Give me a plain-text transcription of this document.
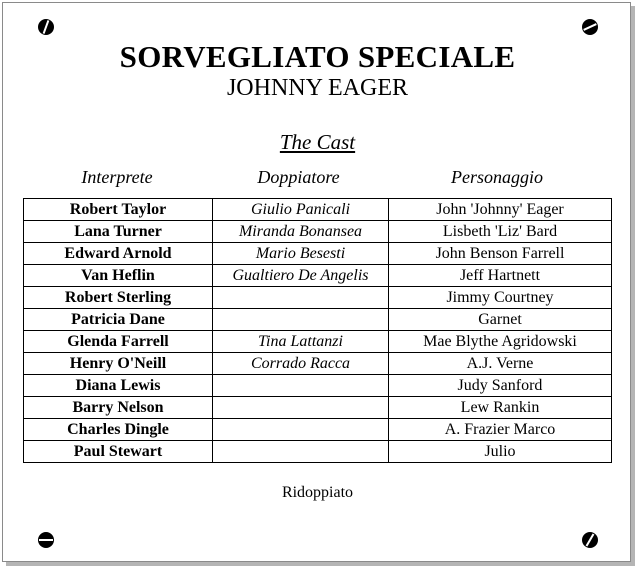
SORVEGLIATO SPECIALE
JOHNNY EAGER
The Cast
Interprete	Doppiatore	Personaggio
Robert Taylor	Giulio Panicali	John 'Johnny' Eager
Lana Turner	Miranda Bonansea	Lisbeth 'Liz' Bard
Edward Arnold	Mario Besesti	John Benson Farrell
Van Heflin	Gualtiero De Angelis	Jeff Hartnett
Robert Sterling		Jimmy Courtney
Patricia Dane		Garnet
Glenda Farrell	Tina Lattanzi	Mae Blythe Agridowski
Henry O'Neill	Corrado Racca	A.J. Verne
Diana Lewis		Judy Sanford
Barry Nelson		Lew Rankin
Charles Dingle		A. Frazier Marco
Paul Stewart		Julio
Ridoppiato
